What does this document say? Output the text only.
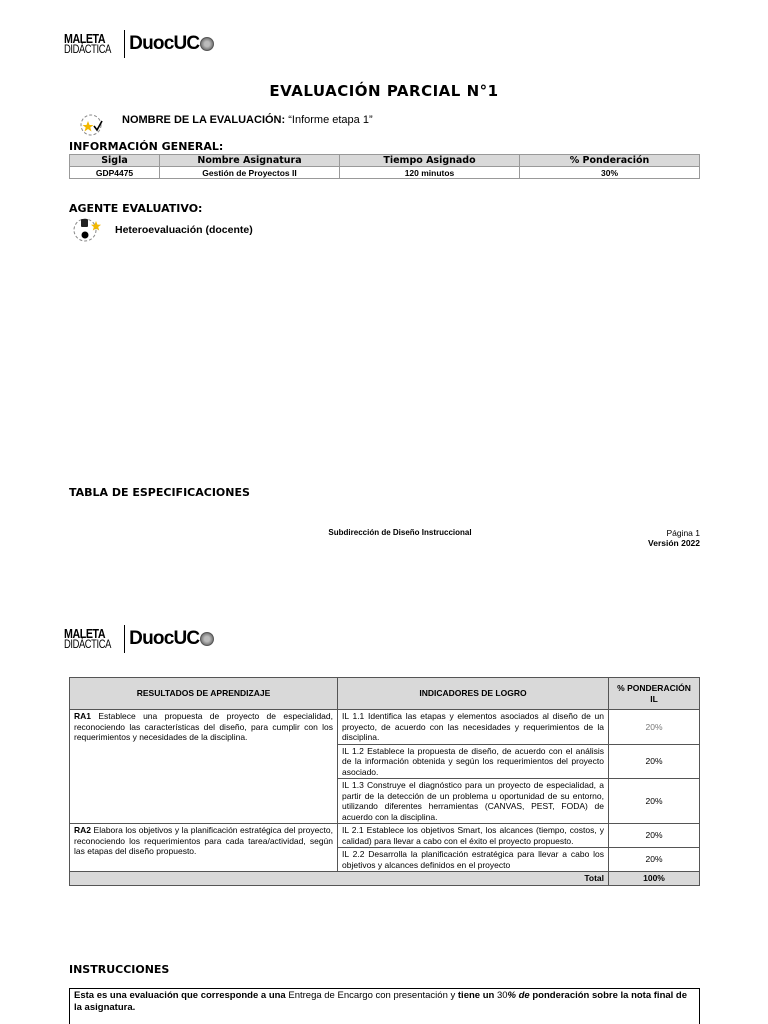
MALETA
DIDÁCTICA DuocUC
EVALUACIÓN PARCIAL N°1
NOMBRE DE LA EVALUACIÓN: “Informe etapa 1”
INFORMACIÓN GENERAL:
Sigla	Nombre Asignatura	Tiempo Asignado	% Ponderación
GDP4475	Gestión de Proyectos II	120 minutos	30%
AGENTE EVALUATIVO:
Heteroevaluación (docente)
TABLA DE ESPECIFICACIONES
Subdirección de Diseño Instruccional	Página 1
Versión 2022
MALETA
DIDÁCTICA DuocUC
RESULTADOS DE APRENDIZAJE	INDICADORES DE LOGRO	% PONDERACIÓN IL
RA1 Establece una propuesta de proyecto de especialidad, reconociendo las características del diseño, para cumplir con los requerimientos y necesidades de la disciplina.	IL 1.1 Identifica las etapas y elementos asociados al diseño de un proyecto, de acuerdo con las necesidades y requerimientos de la disciplina.	20%
	IL 1.2 Establece la propuesta de diseño, de acuerdo con el análisis de la información obtenida y según los requerimientos del proyecto asociado.	20%
	IL 1.3 Construye el diagnóstico para un proyecto de especialidad, a partir de la detección de un problema u oportunidad de su entorno, utilizando diferentes herramientas (CANVAS, PEST, FODA) de acuerdo con la disciplina.	20%
RA2 Elabora los objetivos y la planificación estratégica del proyecto, reconociendo los requerimientos para cada tarea/actividad, según las etapas del diseño propuesto.	IL 2.1 Establece los objetivos Smart, los alcances (tiempo, costos, y calidad) para llevar a cabo con el éxito el proyecto propuesto.	20%
	IL 2.2 Desarrolla la planificación estratégica para llevar a cabo los objetivos y alcances definidos en el proyecto	20%
Total		100%
INSTRUCCIONES
Esta es una evaluación que corresponde a una Entrega de Encargo con presentación y tiene un 30% de ponderación sobre la nota final de la asignatura.
